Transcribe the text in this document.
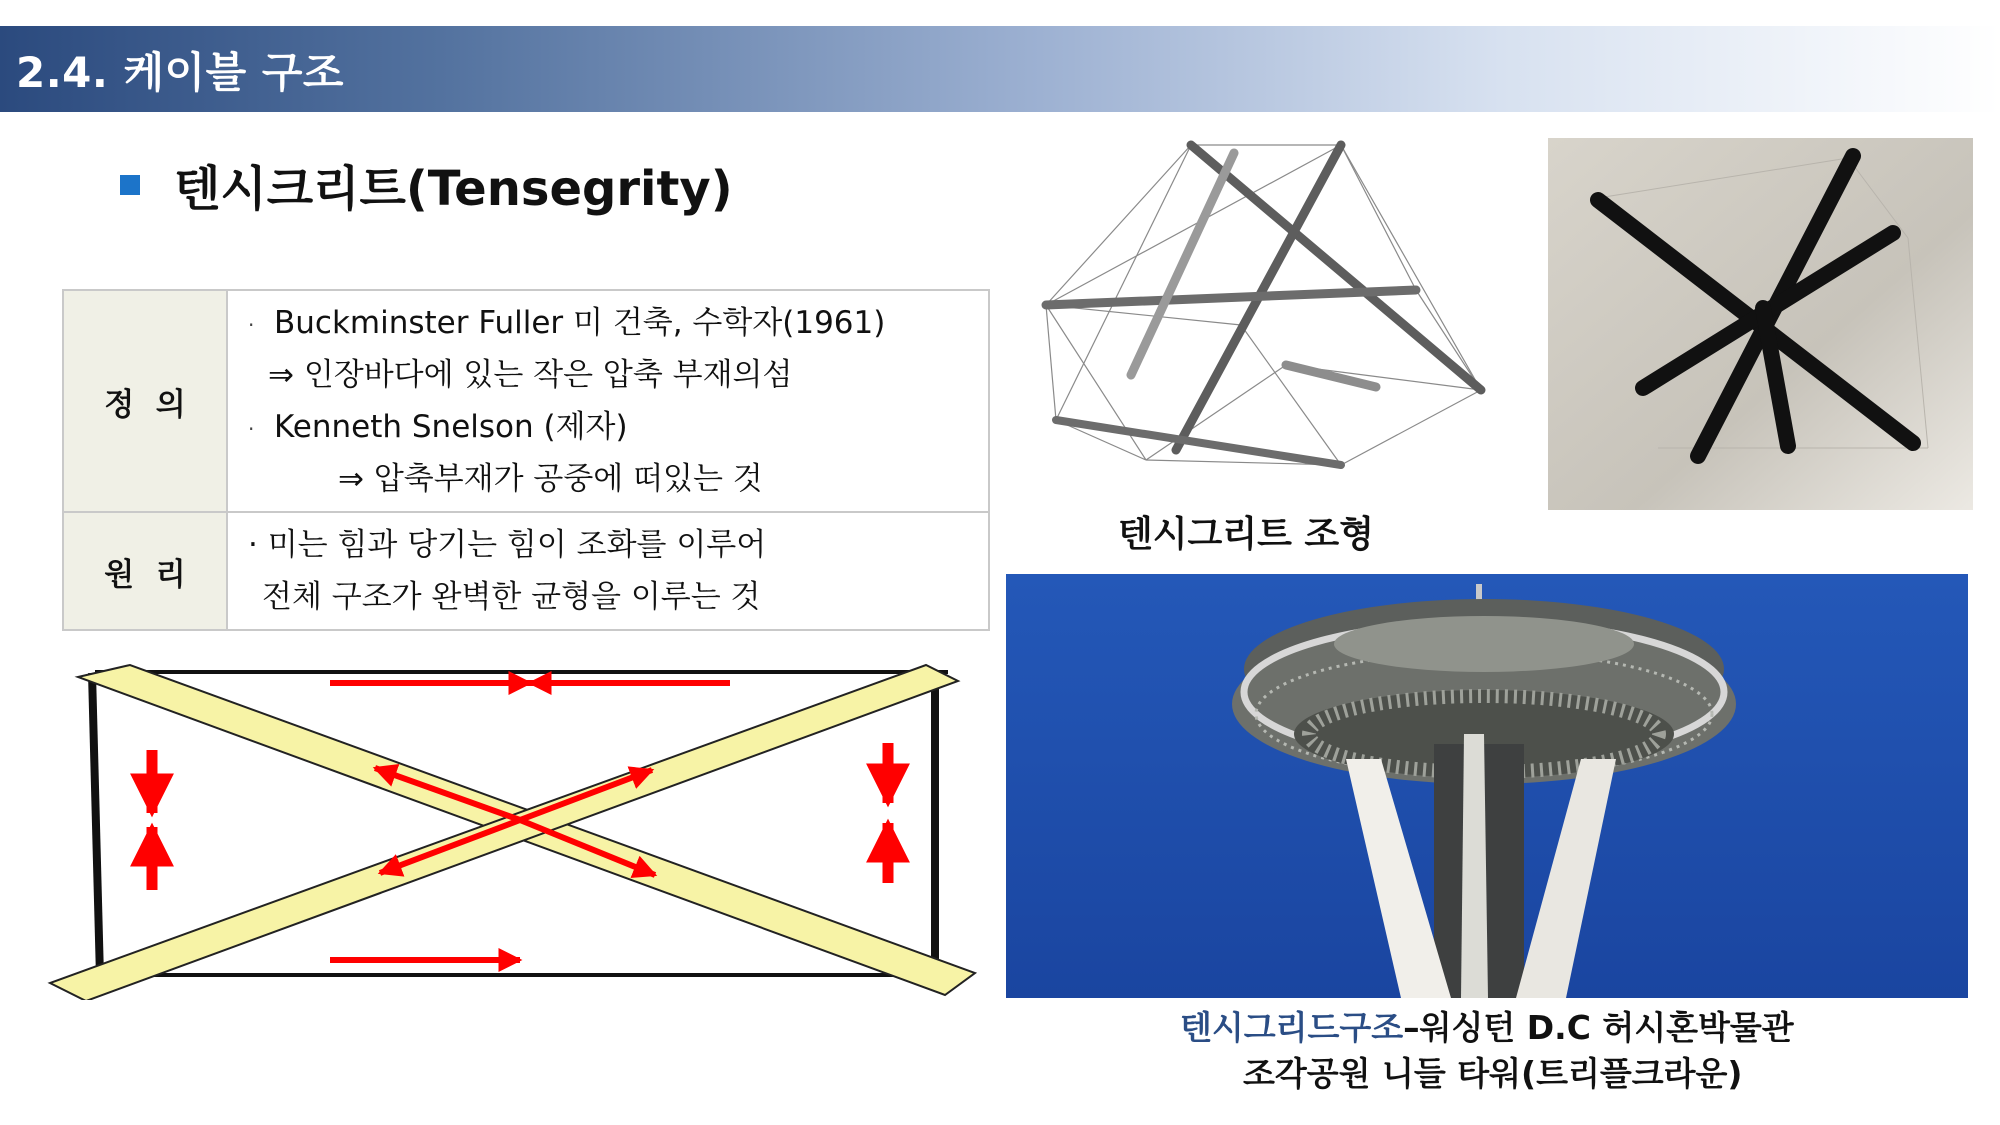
2.4. 케이블 구조
텐시크리트(Tensegrity)
정  의	· Buckminster Fuller 미 건축, 수학자(1961)
⇒ 인장바다에 있는 작은 압축 부재의섬
· Kenneth Snelson (제자)
⇒ 압축부재가 공중에 떠있는 것

원  리	· 미는 힘과 당기는 힘이 조화를 이루어
전체 구조가 완벽한 균형을 이루는 것
텐시그리트 조형
텐시그리드구조–워싱턴 D.C 허시혼박물관
조각공원 니들 타워(트리플크라운)
